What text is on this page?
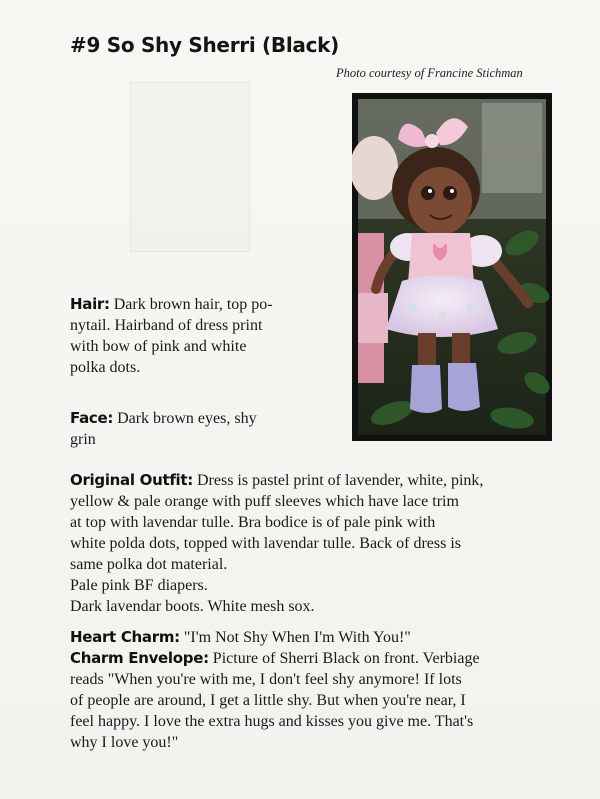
#9 So Shy Sherri (Black)
Photo courtesy of Francine Stichman

Hair: Dark brown hair, top po-
nytail. Hairband of dress print
with bow of pink and white
polka dots.

Face: Dark brown eyes, shy
grin

Original Outfit: Dress is pastel print of lavender, white, pink,
yellow & pale orange with puff sleeves which have lace trim
at top with lavendar tulle. Bra bodice is of pale pink with
white polda dots, topped with lavendar tulle. Back of dress is
same polka dot material.
Pale pink BF diapers.
Dark lavendar boots. White mesh sox.

Heart Charm: "I'm Not Shy When I'm With You!"

Charm Envelope: Picture of Sherri Black on front. Verbiage
reads "When you're with me, I don't feel shy anymore! If lots
of people are around, I get a little shy. But when you're near, I
feel happy. I love the extra hugs and kisses you give me. That's
why I love you!"
